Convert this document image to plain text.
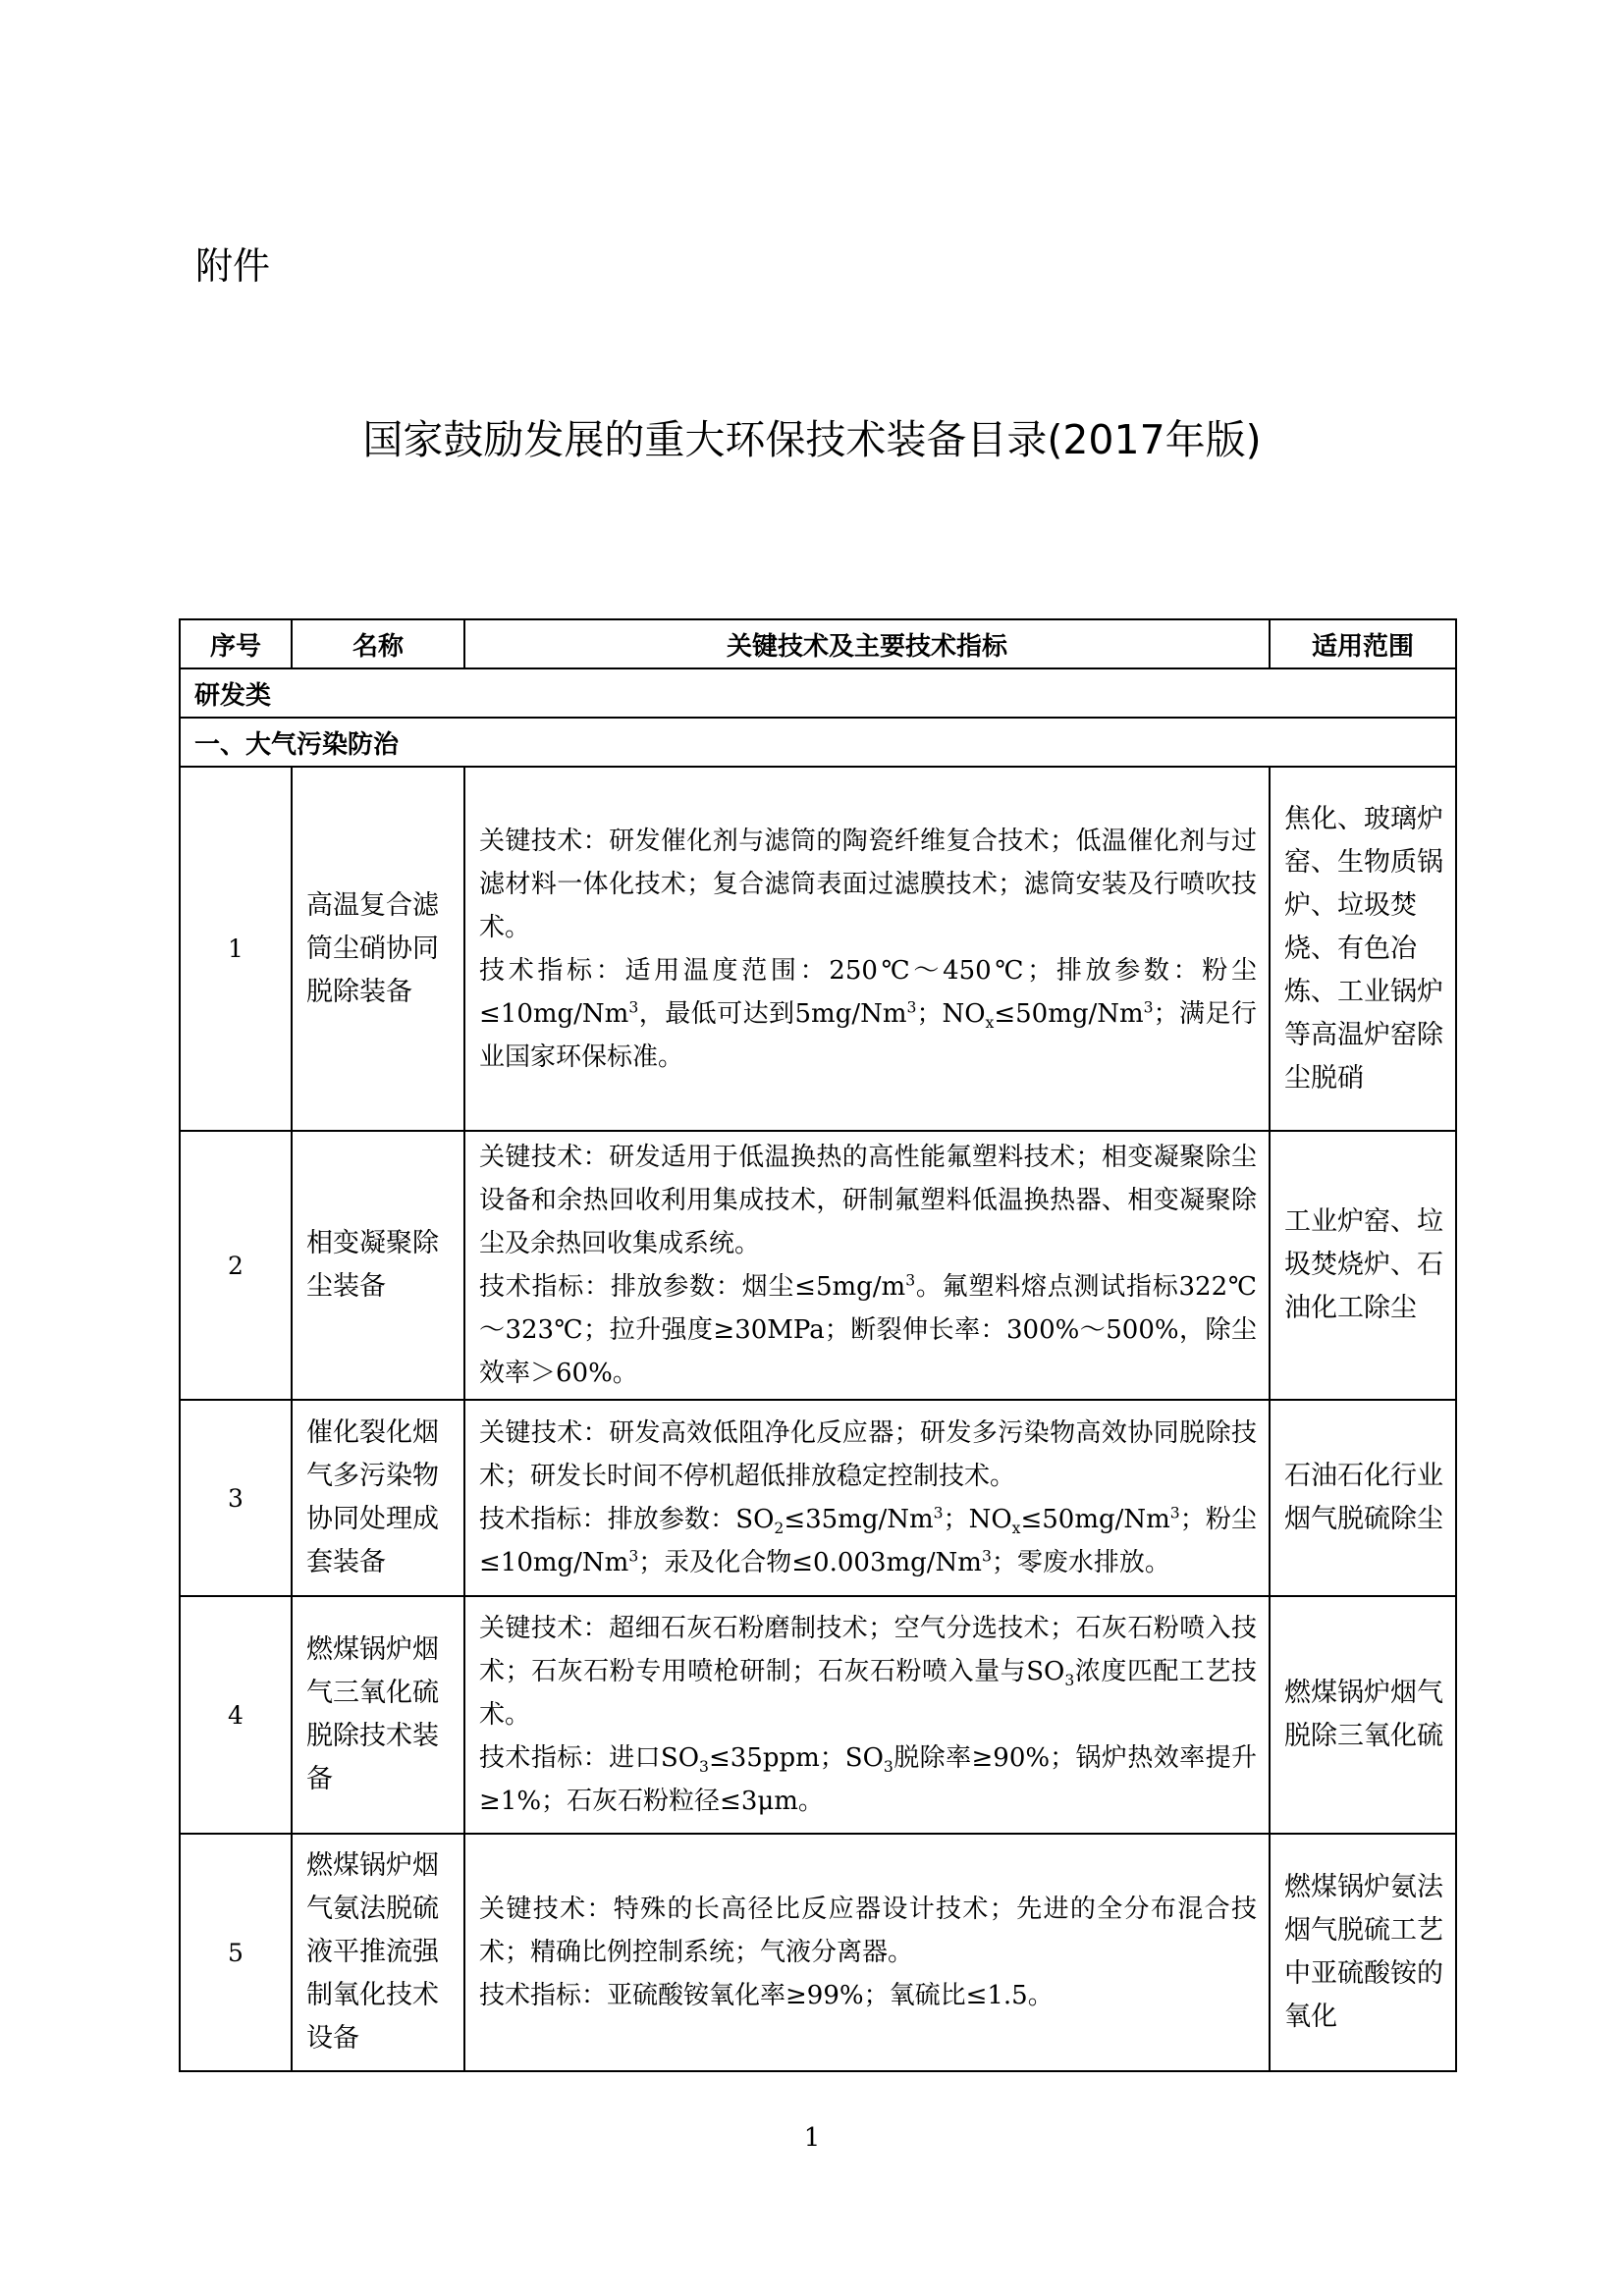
附件
国家鼓励发展的重大环保技术装备目录(2017年版)
序号	名称	关键技术及主要技术指标	适用范围
研发类			
一、大气污染防治			
1	高温复合滤筒尘硝协同脱除装备	关键技术：研发催化剂与滤筒的陶瓷纤维复合技术；低温催化剂与过滤材料一体化技术；复合滤筒表面过滤膜技术；滤筒安装及行喷吹技术。
技术指标：适用温度范围：250℃～450℃；排放参数：粉尘$\le 10mg/Nm^3$，最低可达到5mg/Nm$^3$；$NO_x\le 50mg/Nm^3$；满足行业国家环保标准。	焦化、玻璃炉窑、生物质锅炉、垃圾焚烧、有色冶炼、工业锅炉等高温炉窑除尘脱硝
2	相变凝聚除尘装备	关键技术：研发适用于低温换热的高性能氟塑料技术；相变凝聚除尘设备和余热回收利用集成技术，研制氟塑料低温换热器、相变凝聚除尘及余热回收集成系统。
技术指标：排放参数：烟尘$\le 5mg/m^3$。氟塑料熔点测试指标322℃～323℃；拉升强度≥30MPa；断裂伸长率：300%～500%，除尘效率＞60%。	工业炉窑、垃圾焚烧炉、石油化工除尘
3	催化裂化烟气多污染物协同处理成套装备	关键技术：研发高效低阻净化反应器；研发多污染物高效协同脱除技术；研发长时间不停机超低排放稳定控制技术。
技术指标：排放参数：$SO_2\le 35mg/Nm^3$；$NO_x\le 50mg/Nm^3$；粉尘$\le 10mg/Nm^3$；汞及化合物$\le 0.003mg/Nm^3$；零废水排放。	石油石化行业烟气脱硫除尘
4	燃煤锅炉烟气三氧化硫脱除技术装备	关键技术：超细石灰石粉磨制技术；空气分选技术；石灰石粉喷入技术；石灰石粉专用喷枪研制；石灰石粉喷入量与$SO_3$浓度匹配工艺技术。
技术指标：进口$SO_3\le 35ppm$；$SO_3$脱除率≥90%；锅炉热效率提升≥1%；石灰石粉粒径≤3μm。	燃煤锅炉烟气脱除三氧化硫
5	燃煤锅炉烟气氨法脱硫液平推流强制氧化技术设备	关键技术：特殊的长高径比反应器设计技术；先进的全分布混合技术；精确比例控制系统；气液分离器。
技术指标：亚硫酸铵氧化率≥99%；氧硫比≤1.5。	燃煤锅炉氨法烟气脱硫工艺中亚硫酸铵的氧化
1
